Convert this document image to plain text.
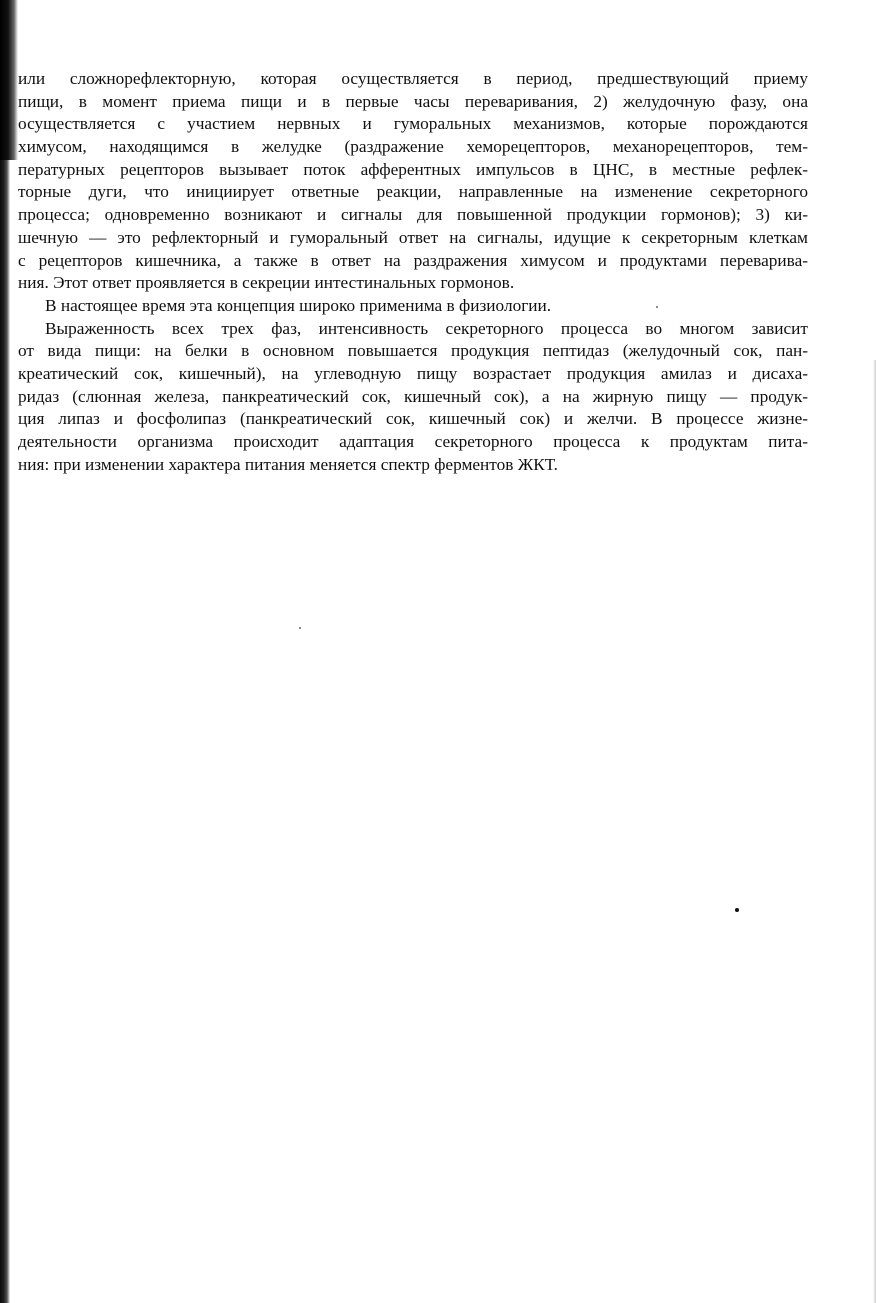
или сложнорефлекторную, которая осуществляется в период, предшествующий приему
пищи, в момент приема пищи и в первые часы переваривания, 2) желудочную фазу, она
осуществляется с участием нервных и гуморальных механизмов, которые порождаются
химусом, находящимся в желудке (раздражение хеморецепторов, механорецепторов, тем-
пературных рецепторов вызывает поток афферентных импульсов в ЦНС, в местные рефлек-
торные дуги, что инициирует ответные реакции, направленные на изменение секреторного
процесса; одновременно возникают и сигналы для повышенной продукции гормонов); 3) ки-
шечную — это рефлекторный и гуморальный ответ на сигналы, идущие к секреторным клеткам
с рецепторов кишечника, а также в ответ на раздражения химусом и продуктами переварива-
ния. Этот ответ проявляется в секреции интестинальных гормонов.
В настоящее время эта концепция широко применима в физиологии.
Выраженность всех трех фаз, интенсивность секреторного процесса во многом зависит
от вида пищи: на белки в основном повышается продукция пептидаз (желудочный сок, пан-
креатический сок, кишечный), на углеводную пищу возрастает продукция амилаз и дисаха-
ридаз (слюнная железа, панкреатический сок, кишечный сок), а на жирную пищу — продук-
ция липаз и фосфолипаз (панкреатический сок, кишечный сок) и желчи. В процессе жизне-
деятельности организма происходит адаптация секреторного процесса к продуктам пита-
ния: при изменении характера питания меняется спектр ферментов ЖКТ.
